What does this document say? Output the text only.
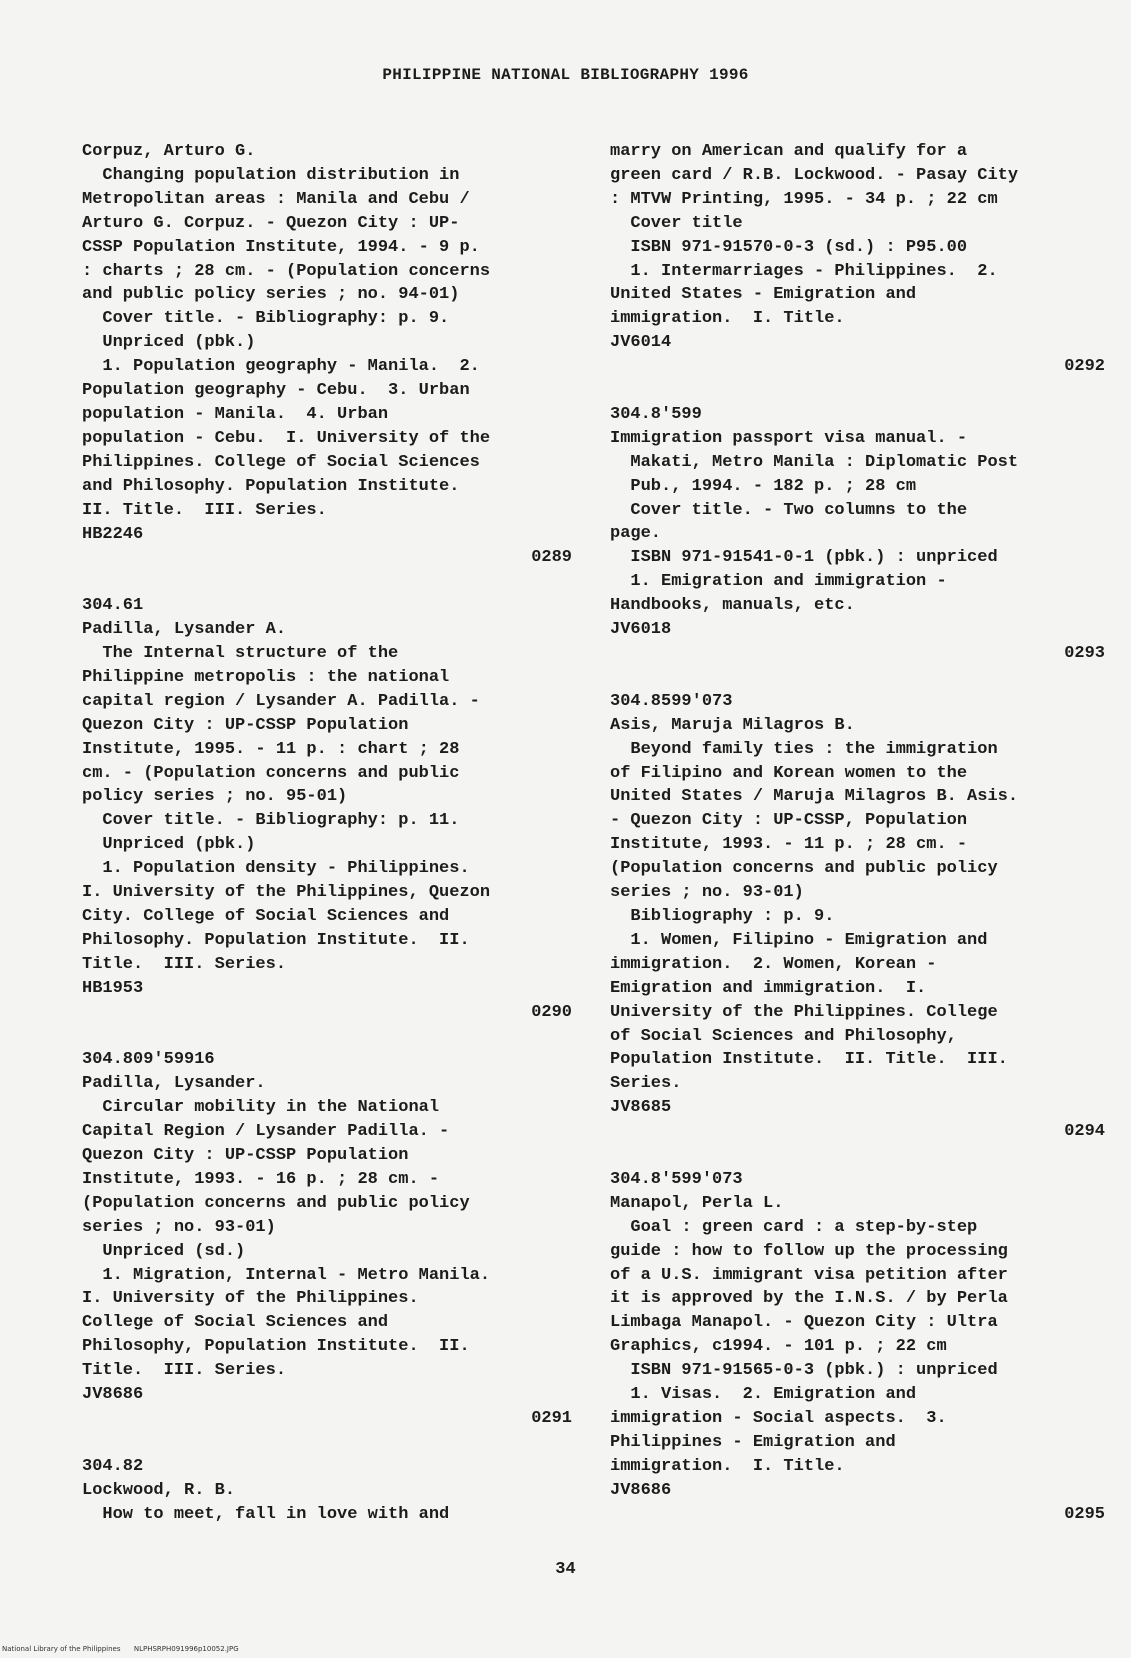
PHILIPPINE NATIONAL BIBLIOGRAPHY 1996
Corpuz, Arturo G.
Changing population distribution in
Metropolitan areas : Manila and Cebu /
Arturo G. Corpuz. - Quezon City : UP-
CSSP Population Institute, 1994. - 9 p.
: charts ; 28 cm. - (Population concerns
and public policy series ; no. 94-01)
Cover title. - Bibliography: p. 9.
Unpriced (pbk.)
1. Population geography - Manila.  2.
Population geography - Cebu.  3. Urban
population - Manila.  4. Urban
population - Cebu.  I. University of the
Philippines. College of Social Sciences
and Philosophy. Population Institute.
II. Title.  III. Series.
HB2246
0289
304.61
Padilla, Lysander A.
The Internal structure of the
Philippine metropolis : the national
capital region / Lysander A. Padilla. -
Quezon City : UP-CSSP Population
Institute, 1995. - 11 p. : chart ; 28
cm. - (Population concerns and public
policy series ; no. 95-01)
Cover title. - Bibliography: p. 11.
Unpriced (pbk.)
1. Population density - Philippines.
I. University of the Philippines, Quezon
City. College of Social Sciences and
Philosophy. Population Institute.  II.
Title.  III. Series.
HB1953
0290
304.809'59916
Padilla, Lysander.
Circular mobility in the National
Capital Region / Lysander Padilla. -
Quezon City : UP-CSSP Population
Institute, 1993. - 16 p. ; 28 cm. -
(Population concerns and public policy
series ; no. 93-01)
Unpriced (sd.)
1. Migration, Internal - Metro Manila.
I. University of the Philippines.
College of Social Sciences and
Philosophy, Population Institute.  II.
Title.  III. Series.
JV8686
0291
304.82
Lockwood, R. B.
How to meet, fall in love with and
marry on American and qualify for a
green card / R.B. Lockwood. - Pasay City
: MTVW Printing, 1995. - 34 p. ; 22 cm
Cover title
ISBN 971-91570-0-3 (sd.) : P95.00
1. Intermarriages - Philippines.  2.
United States - Emigration and
immigration.  I. Title.
JV6014
0292
304.8'599
Immigration passport visa manual. -
Makati, Metro Manila : Diplomatic Post
Pub., 1994. - 182 p. ; 28 cm
Cover title. - Two columns to the
page.
ISBN 971-91541-0-1 (pbk.) : unpriced
1. Emigration and immigration -
Handbooks, manuals, etc.
JV6018
0293
304.8599'073
Asis, Maruja Milagros B.
Beyond family ties : the immigration
of Filipino and Korean women to the
United States / Maruja Milagros B. Asis.
- Quezon City : UP-CSSP, Population
Institute, 1993. - 11 p. ; 28 cm. -
(Population concerns and public policy
series ; no. 93-01)
Bibliography : p. 9.
1. Women, Filipino - Emigration and
immigration.  2. Women, Korean -
Emigration and immigration.  I.
University of the Philippines. College
of Social Sciences and Philosophy,
Population Institute.  II. Title.  III.
Series.
JV8685
0294
304.8'599'073
Manapol, Perla L.
Goal : green card : a step-by-step
guide : how to follow up the processing
of a U.S. immigrant visa petition after
it is approved by the I.N.S. / by Perla
Limbaga Manapol. - Quezon City : Ultra
Graphics, c1994. - 101 p. ; 22 cm
ISBN 971-91565-0-3 (pbk.) : unpriced
1. Visas.  2. Emigration and
immigration - Social aspects.  3.
Philippines - Emigration and
immigration.  I. Title.
JV8686
0295
34
National Library of the Philippines      NLPHSRPH091996p10052.JPG
